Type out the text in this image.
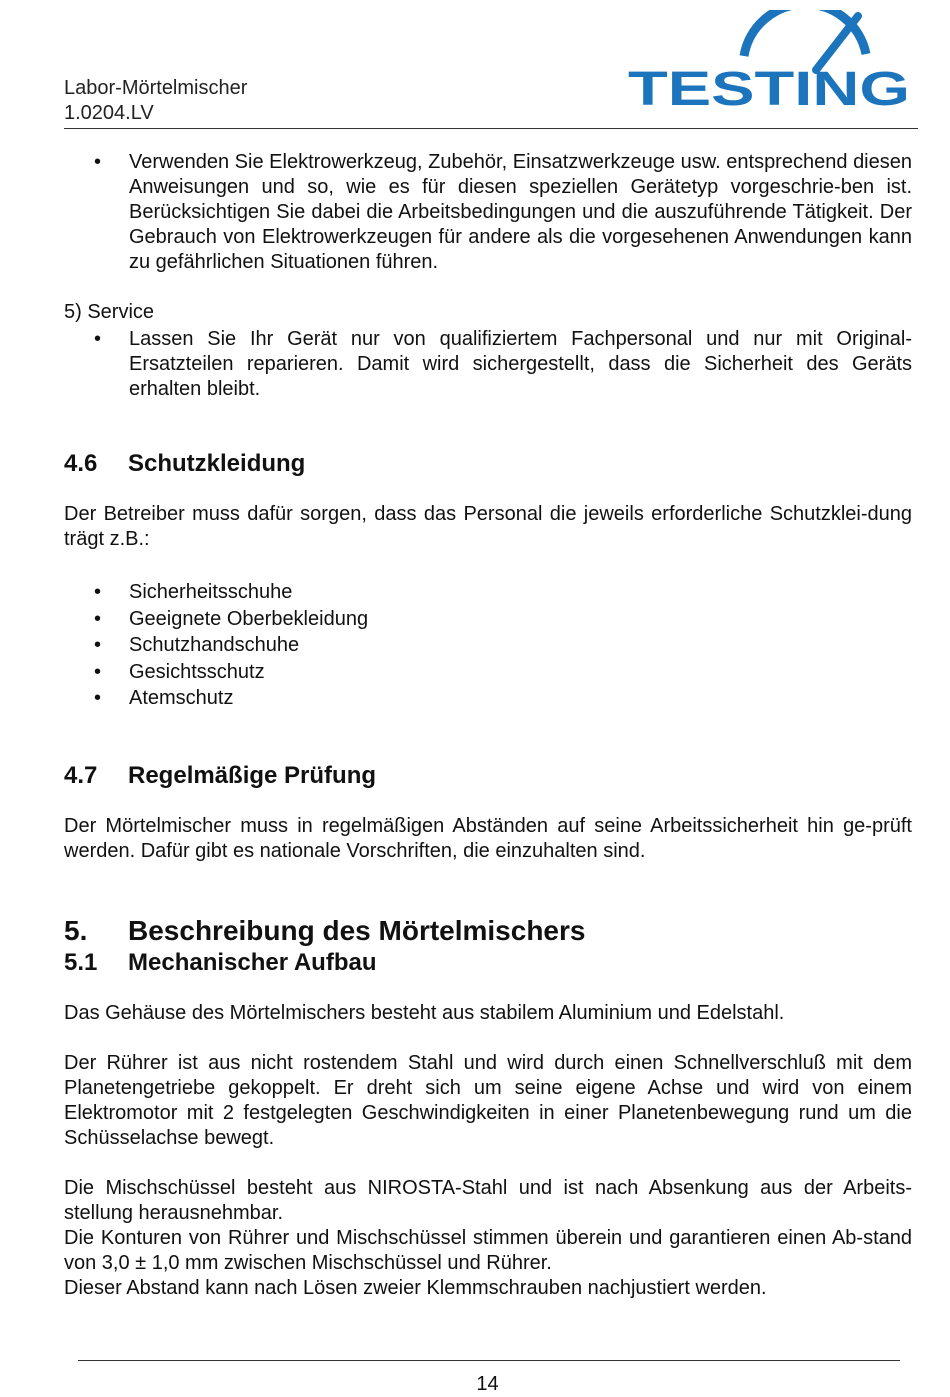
Labor-Mörtelmischer
1.0204.LV	TESTING
• Verwenden Sie Elektrowerkzeug, Zubehör, Einsatzwerkzeuge usw. entsprechend diesen Anweisungen und so, wie es für diesen speziellen Gerätetyp vorgeschrie-ben ist. Berücksichtigen Sie dabei die Arbeitsbedingungen und die auszuführende Tätigkeit. Der Gebrauch von Elektrowerkzeugen für andere als die vorgesehenen Anwendungen kann zu gefährlichen Situationen führen.
5) Service
• Lassen Sie Ihr Gerät nur von qualifiziertem Fachpersonal und nur mit Original-Ersatzteilen reparieren. Damit wird sichergestellt, dass die Sicherheit des Geräts erhalten bleibt.
4.6 Schutzkleidung
Der Betreiber muss dafür sorgen, dass das Personal die jeweils erforderliche Schutzklei-dung trägt z.B.:
• Sicherheitsschuhe
• Geeignete Oberbekleidung
• Schutzhandschuhe
• Gesichtsschutz
• Atemschutz
4.7 Regelmäßige Prüfung
Der Mörtelmischer muss in regelmäßigen Abständen auf seine Arbeitssicherheit hin ge-prüft werden. Dafür gibt es nationale Vorschriften, die einzuhalten sind.
5. Beschreibung des Mörtelmischers
5.1 Mechanischer Aufbau
Das Gehäuse des Mörtelmischers besteht aus stabilem Aluminium und Edelstahl.
Der Rührer ist aus nicht rostendem Stahl und wird durch einen Schnellverschluß mit dem Planetengetriebe gekoppelt. Er dreht sich um seine eigene Achse und wird von einem Elektromotor mit 2 festgelegten Geschwindigkeiten in einer Planetenbewegung rund um die Schüsselachse bewegt.
Die Mischschüssel besteht aus NIROSTA-Stahl und ist nach Absenkung aus der Arbeits-stellung herausnehmbar.
Die Konturen von Rührer und Mischschüssel stimmen überein und garantieren einen Ab-stand von 3,0 ± 1,0 mm zwischen Mischschüssel und Rührer.
Dieser Abstand kann nach Lösen zweier Klemmschrauben nachjustiert werden.
14
